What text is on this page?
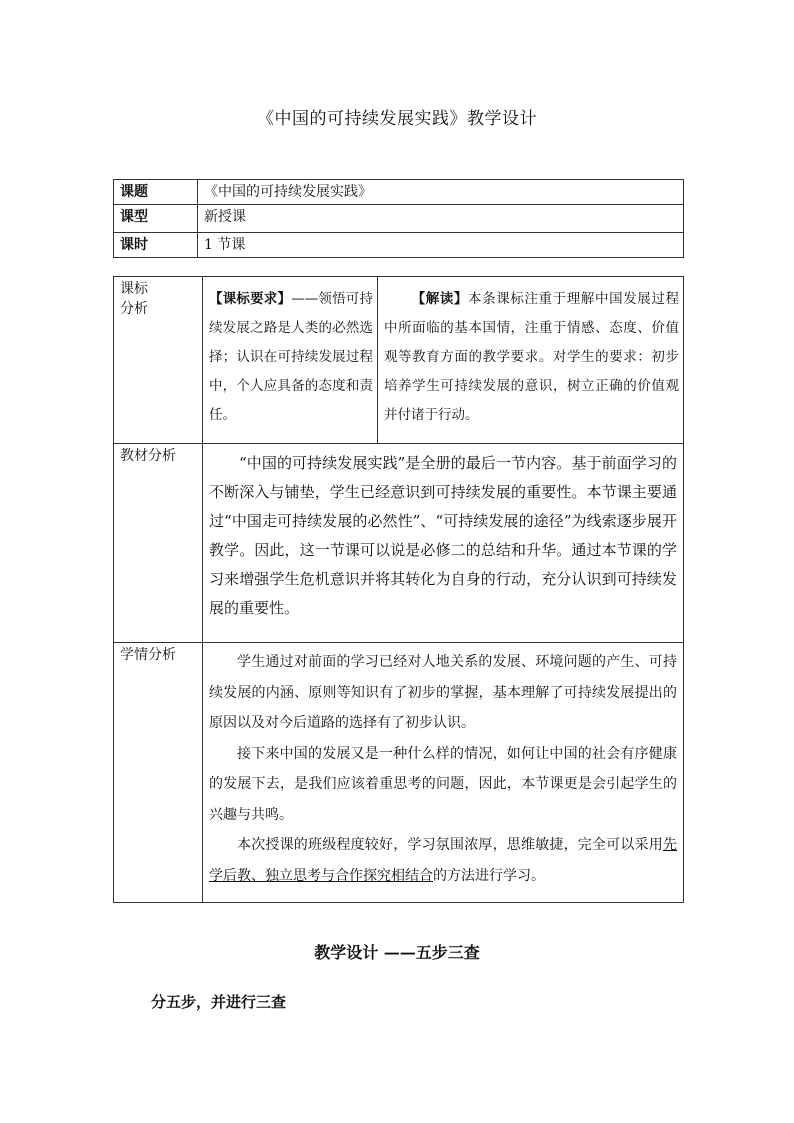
《中国的可持续发展实践》教学设计
课题	《中国的可持续发展实践》
课型	新授课
课时	1 节课
课标分析	【课标要求】——领悟可持续发展之路是人类的必然选择；认识在可持续发展过程中，个人应具备的态度和责任。	【解读】本条课标注重于理解中国发展过程中所面临的基本国情，注重于情感、态度、价值观等教育方面的教学要求。对学生的要求：初步培养学生可持续发展的意识，树立正确的价值观并付诸于行动。
教材分析	“中国的可持续发展实践”是全册的最后一节内容。基于前面学习的不断深入与铺垫，学生已经意识到可持续发展的重要性。本节课主要通过“中国走可持续发展的必然性”、“可持续发展的途径”为线索逐步展开教学。因此，这一节课可以说是必修二的总结和升华。通过本节课的学习来增强学生危机意识并将其转化为自身的行动，充分认识到可持续发展的重要性。	
学情分析	学生通过对前面的学习已经对人地关系的发展、环境问题的产生、可持续发展的内涵、原则等知识有了初步的掌握，基本理解了可持续发展提出的原因以及对今后道路的选择有了初步认识。

接下来中国的发展又是一种什么样的情况，如何让中国的社会有序健康的发展下去，是我们应该着重思考的问题，因此，本节课更是会引起学生的兴趣与共鸣。

本次授课的班级程度较好，学习氛围浓厚，思维敏捷，完全可以采用先学后教、独立思考与合作探究相结合的方法进行学习。	

教学设计 ——五步三查
分五步，并进行三查
